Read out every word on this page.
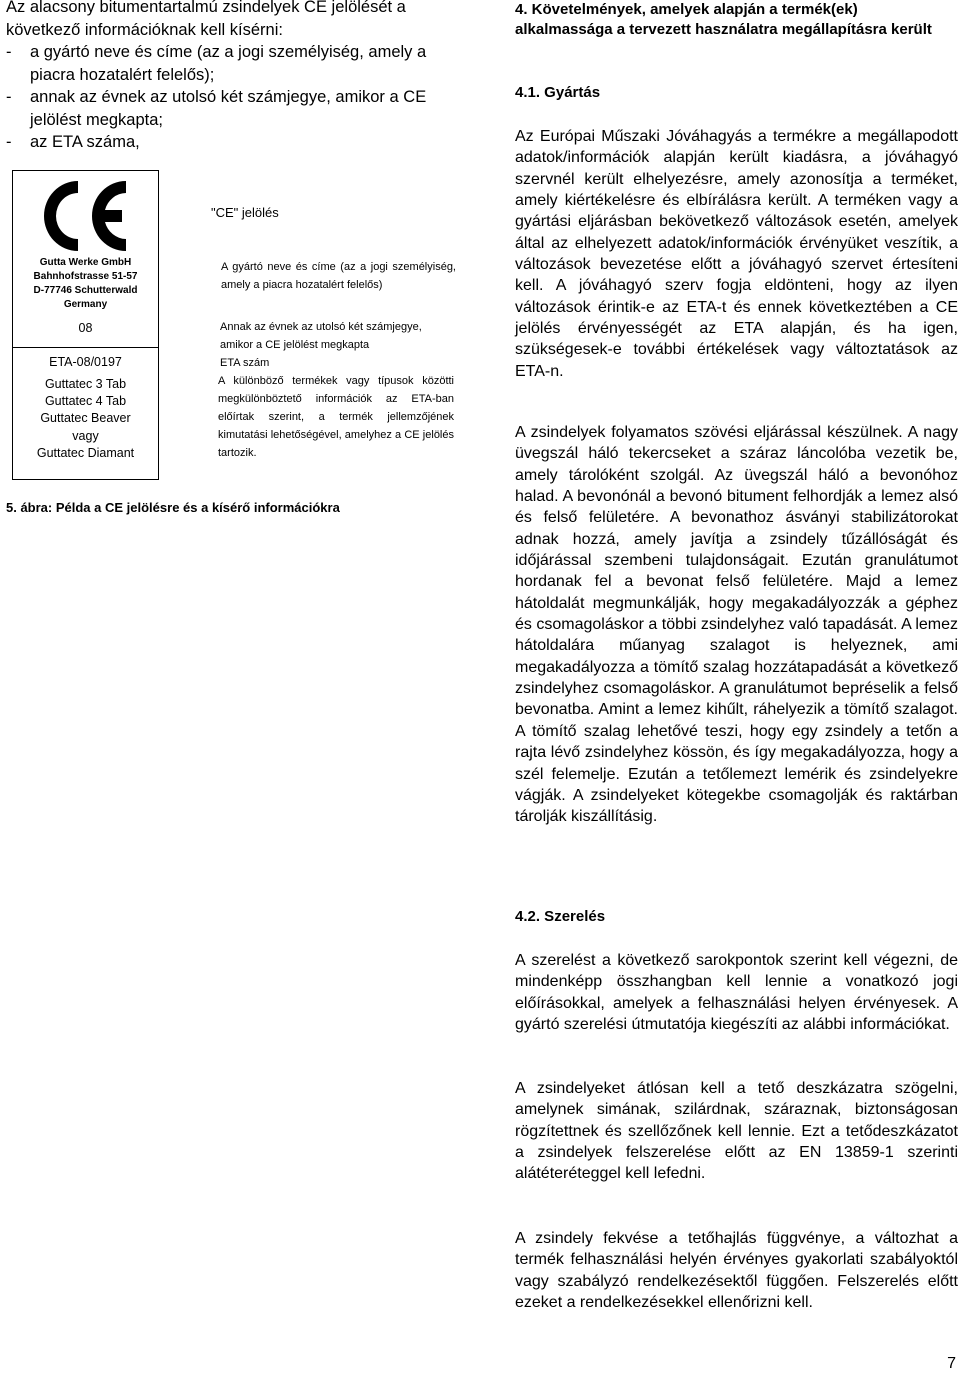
Az alacsony bitumentartalmú zsindelyek CE jelölését a következő információknak kell kísérni:

- a gyártó neve és címe (az a jogi személyiség, amely a piacra hozatalért felelős);

- annak az évnek az utolsó két számjegye, amikor a CE jelölést megkapta;

- az ETA száma,

Gutta Werke GmbH
Bahnhofstrasse 51-57
D-77746 Schutterwald
Germany
08
ETA-08/0197
Guttatec 3 Tab
Guttatec 4 Tab
Guttatec Beaver
vagy
Guttatec Diamant
"CE" jelölés
A gyártó neve és címe (az a jogi személyiség, amely a piacra hozatalért felelős)
Annak az évnek az utolsó két számjegye, amikor a CE jelölést megkapta
ETA szám
A különböző termékek vagy típusok közötti megkülönböztető információk az ETA-ban előírtak szerint, a termék jellemzőjének kimutatási lehetőségével, amelyhez a CE jelölés tartozik.
5. ábra: Példa a CE jelölésre és a kísérő információkra
4. Követelmények, amelyek alapján a termék(ek) alkalmassága a tervezett használatra megállapításra került
4.1. Gyártás

Az Európai Műszaki Jóváhagyás a termékre a megállapodott adatok/információk alapján került kiadásra, a jóváhagyó szervnél került elhelyezésre, amely azonosítja a terméket, amely kiértékelésre és elbírálásra került. A terméken vagy a gyártási eljárásban bekövetkező változások esetén, amelyek által az elhelyezett adatok/információk érvényüket veszítik, a változások bevezetése előtt a jóváhagyó szervet értesíteni kell. A jóváhagyó szerv fogja eldönteni, hogy az ilyen változások érintik-e az ETA-t és ennek következtében a CE jelölés érvényességét az ETA alapján, és ha igen, szükségesek-e további értékelések vagy változtatások az ETA-n.

A zsindelyek folyamatos szövési eljárással készülnek. A nagy üvegszál háló tekercseket a száraz láncolóba vezetik be, amely tárolóként szolgál. Az üvegszál háló a bevonóhoz halad. A bevonónál a bevonó bitument felhordják a lemez alsó és felső felületére. A bevonathoz ásványi stabilizátorokat adnak hozzá, amely javítja a zsindely tűzállóságát és időjárással szembeni tulajdonságait. Ezután granulátumot hordanak fel a bevonat felső felületére. Majd a lemez hátoldalát megmunkálják, hogy megakadályozzák a géphez és csomagoláskor a többi zsindelyhez való tapadását. A lemez hátoldalára műanyag szalagot is helyeznek, ami megakadályozza a tömítő szalag hozzátapadását a következő zsindelyhez csomagoláskor. A granulátumot bepréselik a felső bevonatba. Amint a lemez kihűlt, ráhelyezik a tömítő szalagot. A tömítő szalag lehetővé teszi, hogy egy zsindely a tetőn a rajta lévő zsindelyhez kössön, és így megakadályozza, hogy a szél felemelje. Ezután a tetőlemezt lemérik és zsindelyekre vágják. A zsindelyeket kötegekbe csomagolják és raktárban tárolják kiszállításig.

4.2. Szerelés

A szerelést a következő sarokpontok szerint kell végezni, de mindenképp összhangban kell lennie a vonatkozó jogi előírásokkal, amelyek a felhasználási helyen érvényesek. A gyártó szerelési útmutatója kiegészíti az alábbi információkat.

A zsindelyeket átlósan kell a tető deszkázatra szögelni, amelynek simának, szilárdnak, száraznak, biztonságosan rögzítettnek és szellőzőnek kell lennie. Ezt a tetődeszkázatot a zsindelyek felszerelése előtt az EN 13859-1 szerinti alátéteréteggel kell lefedni.

A zsindely fekvése a tetőhajlás függvénye, a változhat a termék felhasználási helyén érvényes gyakorlati szabályoktól vagy szabályzó rendelkezésektől függően. Felszerelés előtt ezeket a rendelkezésekkel ellenőrizni kell.

7
